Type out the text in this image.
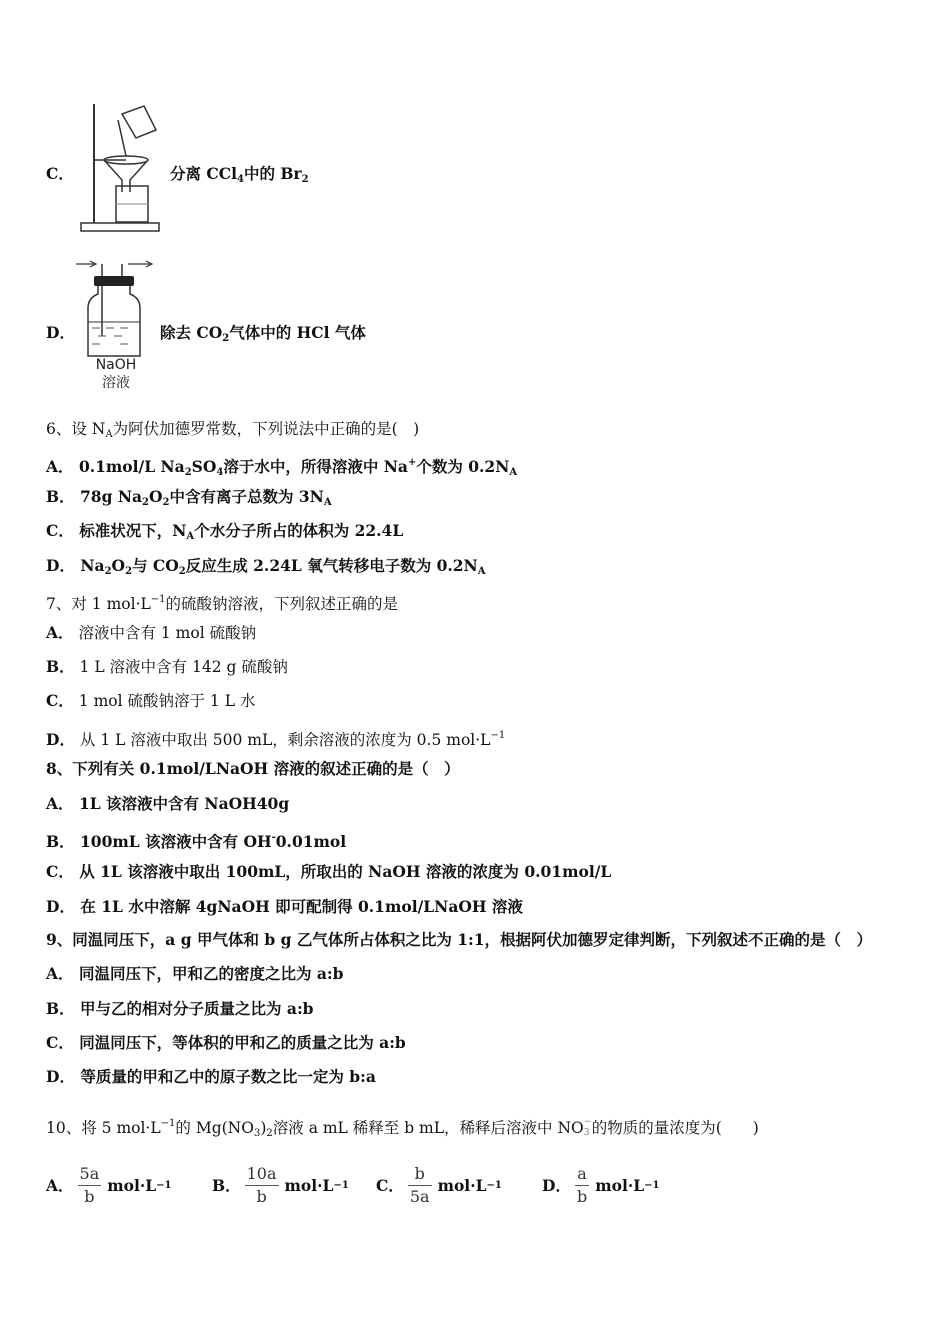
C．	分离 CCl$_4$中的 $Br_2$
D．
NaOH
溶液
除去 $CO_2$气体中的 HCl 气体
6、设 $N_A$为阿伏加德罗常数，下列说法中正确的是(　)
A． 0.1mol/L $Na_2SO_4$溶于水中，所得溶液中 Na+个数为 $0.2N_A$
B． 78g $Na_2O_2$中含有离子总数为 $3N_A$
C． 标准状况下，$N_A$个水分子所占的体积为 22.4L
D． $Na_2O_2$与 $CO_2$反应生成 2.24L 氧气转移电子数为 $0.2N_A$
7、对 1 $mol\cdot L^{-1}$的硫酸钠溶液，下列叙述正确的是
A． 溶液中含有 1 mol 硫酸钠
B． 1 L 溶液中含有 142 g 硫酸钠
C． 1 mol 硫酸钠溶于 1 L 水
D． 从 1 L 溶液中取出 500 mL，剩余溶液的浓度为 0.5 $mol\cdot L^{-1}$
8、下列有关 0.1mol/LNaOH 溶液的叙述正确的是（　）
A． 1L 该溶液中含有 NaOH40g
B． 100mL 该溶液中含有 OH-0.01mol
C． 从 1L 该溶液中取出 100mL，所取出的 NaOH 溶液的浓度为 0.01mol/L
D． 在 1L 水中溶解 4gNaOH 即可配制得 0.1mol/LNaOH 溶液
9、同温同压下，a g 甲气体和 b g 乙气体所占体积之比为 1:1，根据阿伏加德罗定律判断，下列叙述不正确的是（　）
A． 同温同压下，甲和乙的密度之比为 a:b
B． 甲与乙的相对分子质量之比为 a:b
C． 同温同压下，等体积的甲和乙的质量之比为 a:b
D． 等质量的甲和乙中的原子数之比一定为 b:a
10、将 5 $mol\cdot L^{-1}$的 $Mg(NO_3)_2$溶液 a mL 稀释至 b mL，稀释后溶液中 NO −
3 的物质的量浓度为(　　)
A． $\frac{5a}{b} mol\cdot L -1$	B． $\frac{10a}{b} mol\cdot L -1$ C． $\frac{b}{5a} mol\cdot L -1$	D． $\frac{a}{b} mol\cdot L -1$
